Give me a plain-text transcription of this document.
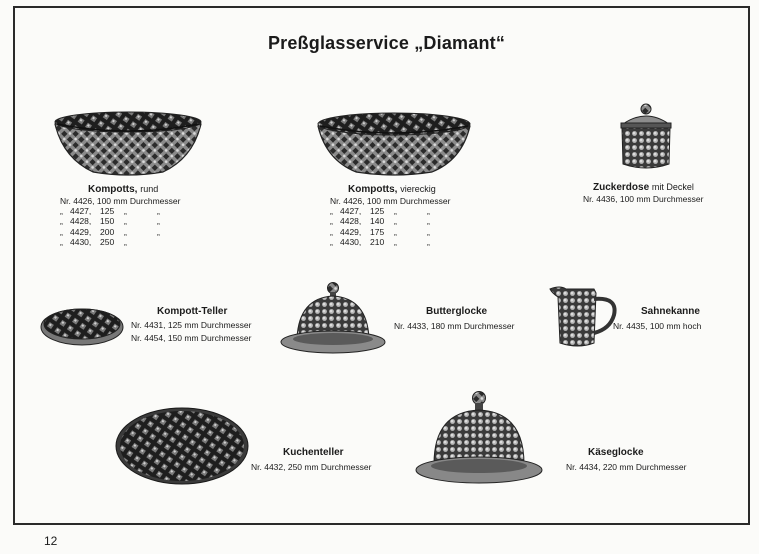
Preßglasservice „Diamant“
Kompotts, rund
Nr. 4426, 100 mm Durchmesser
„ 4427, 125 „	„
„ 4428, 150 „	„
„ 4429, 200 „	„
„ 4430, 250 „
Kompotts, viereckig
Nr. 4426, 100 mm Durchmesser
„ 4427, 125 „	„
„ 4428, 140 „	„
„ 4429, 175 „	„
„ 4430, 210 „	„
Zuckerdose mit Deckel
Nr. 4436, 100 mm Durchmesser
Kompott-Teller
Nr. 4431, 125 mm Durchmesser
Nr. 4454, 150 mm Durchmesser
Butterglocke
Nr. 4433, 180 mm Durchmesser
Sahnekanne
Nr. 4435, 100 mm hoch
Kuchenteller
Nr. 4432, 250 mm Durchmesser
Käseglocke
Nr. 4434, 220 mm Durchmesser
12
